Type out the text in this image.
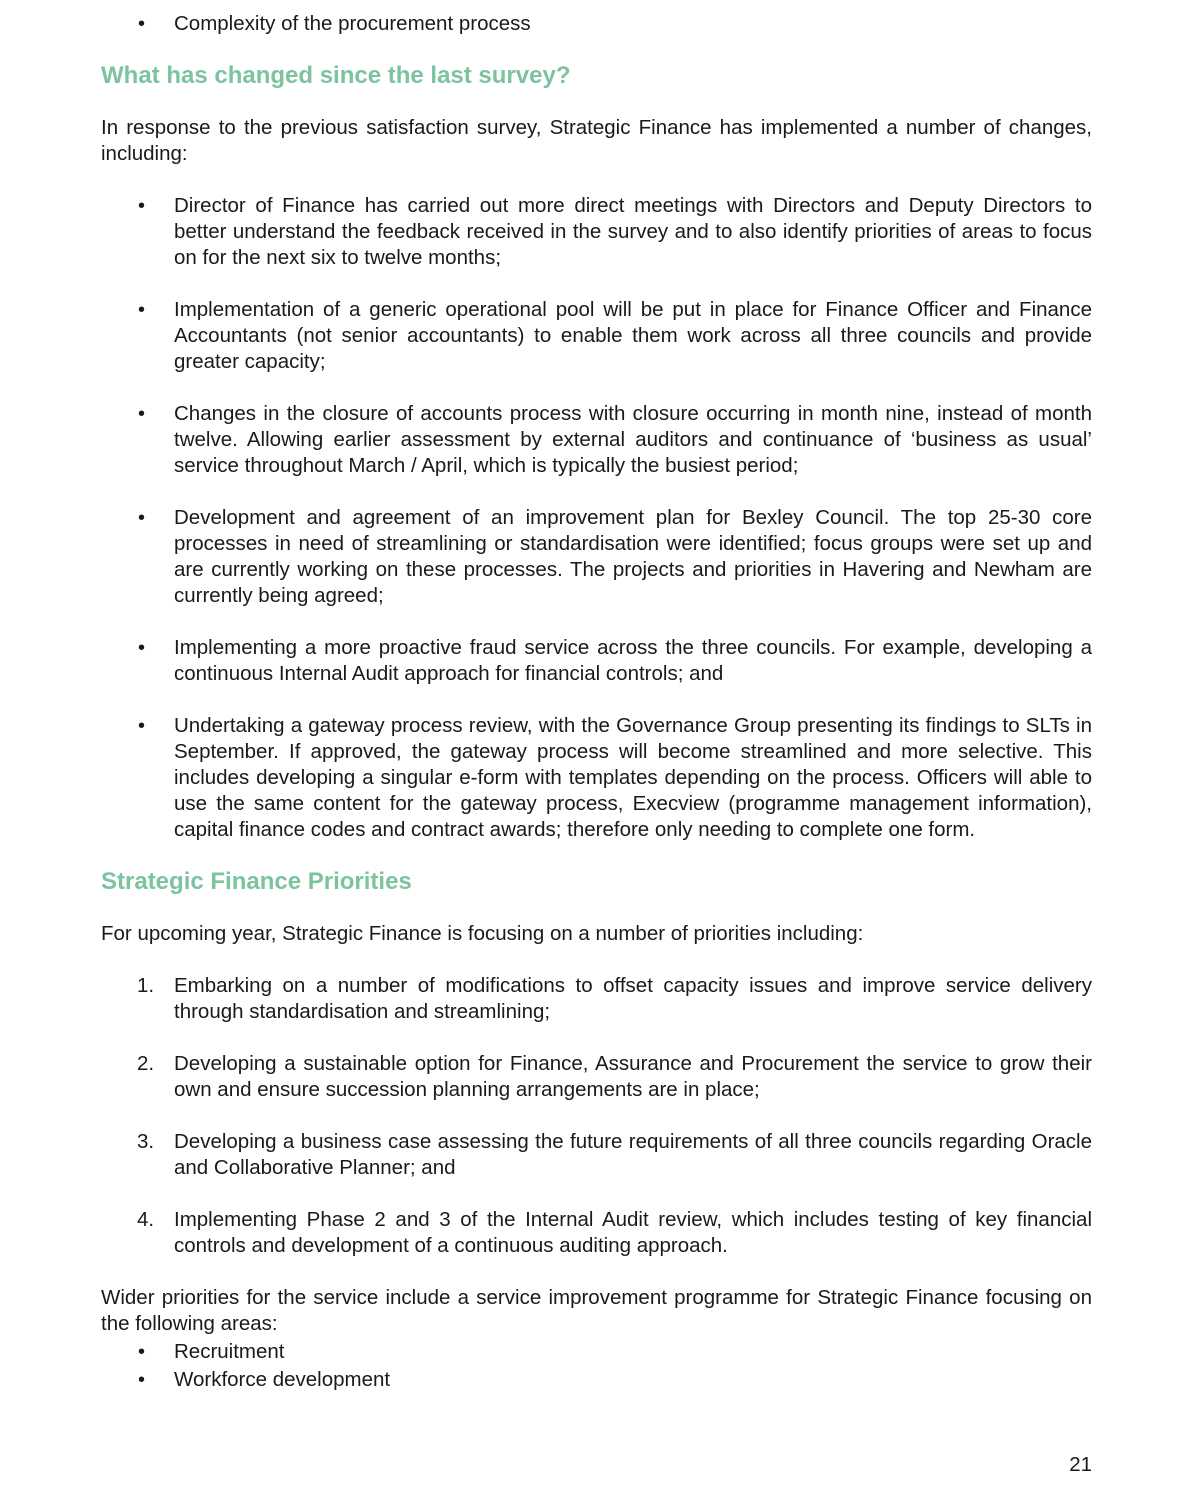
• Complexity of the procurement process
What has changed since the last survey?

In response to the previous satisfaction survey, Strategic Finance has implemented a number of changes, including:

• Director of Finance has carried out more direct meetings with Directors and Deputy Directors to better understand the feedback received in the survey and to also identify priorities of areas to focus on for the next six to twelve months;
• Implementation of a generic operational pool will be put in place for Finance Officer and Finance Accountants (not senior accountants) to enable them work across all three councils and provide greater capacity;
• Changes in the closure of accounts process with closure occurring in month nine, instead of month twelve. Allowing earlier assessment by external auditors and continuance of ‘business as usual’ service throughout March / April, which is typically the busiest period;
• Development and agreement of an improvement plan for Bexley Council. The top 25-30 core processes in need of streamlining or standardisation were identified; focus groups were set up and are currently working on these processes. The projects and priorities in Havering and Newham are currently being agreed;
• Implementing a more proactive fraud service across the three councils. For example, developing a continuous Internal Audit approach for financial controls; and
• Undertaking a gateway process review, with the Governance Group presenting its findings to SLTs in September. If approved, the gateway process will become streamlined and more selective. This includes developing a singular e-form with templates depending on the process. Officers will able to use the same content for the gateway process, Execview (programme management information), capital finance codes and contract awards; therefore only needing to complete one form.
Strategic Finance Priorities

For upcoming year, Strategic Finance is focusing on a number of priorities including:

1. Embarking on a number of modifications to offset capacity issues and improve service delivery through standardisation and streamlining;
2. Developing a sustainable option for Finance, Assurance and Procurement the service to grow their own and ensure succession planning arrangements are in place;
3. Developing a business case assessing the future requirements of all three councils regarding Oracle and Collaborative Planner; and
4. Implementing Phase 2 and 3 of the Internal Audit review, which includes testing of key financial controls and development of a continuous auditing approach.

Wider priorities for the service include a service improvement programme for Strategic Finance focusing on the following areas:

• Recruitment
• Workforce development
21
